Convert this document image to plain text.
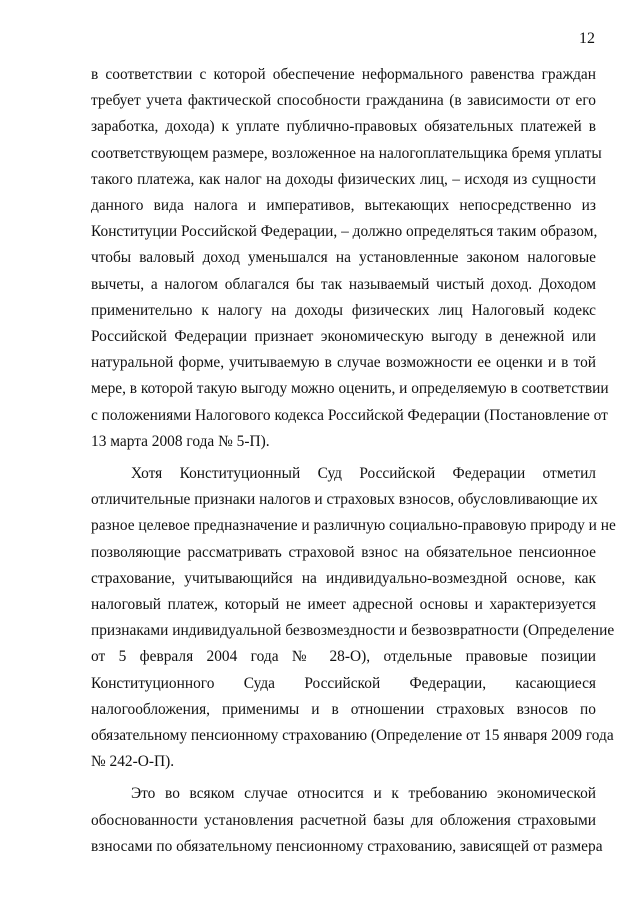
12

в соответствии с которой обеспечение неформального равенства граждан
требует учета фактической способности гражданина (в зависимости от его
заработка, дохода) к уплате публично-правовых обязательных платежей в
соответствующем размере, возложенное на налогоплательщика бремя уплаты
такого платежа, как налог на доходы физических лиц, – исходя из сущности
данного вида налога и императивов, вытекающих непосредственно из
Конституции Российской Федерации, – должно определяться таким образом,
чтобы валовый доход уменьшался на установленные законом налоговые
вычеты, а налогом облагался бы так называемый чистый доход. Доходом
применительно к налогу на доходы физических лиц Налоговый кодекс
Российской Федерации признает экономическую выгоду в денежной или
натуральной форме, учитываемую в случае возможности ее оценки и в той
мере, в которой такую выгоду можно оценить, и определяемую в соответствии
с положениями Налогового кодекса Российской Федерации (Постановление от
13 марта 2008 года № 5-П).

Хотя Конституционный Суд Российской Федерации отметил
отличительные признаки налогов и страховых взносов, обусловливающие их
разное целевое предназначение и различную социально-правовую природу и не
позволяющие рассматривать страховой взнос на обязательное пенсионное
страхование, учитывающийся на индивидуально-возмездной основе, как
налоговый платеж, который не имеет адресной основы и характеризуется
признаками индивидуальной безвозмездности и безвозвратности (Определение
от 5 февраля 2004 года № 28-О), отдельные правовые позиции
Конституционного Суда Российской Федерации, касающиеся
налогообложения, применимы и в отношении страховых взносов по
обязательному пенсионному страхованию (Определение от 15 января 2009 года
№ 242-О-П).

Это во всяком случае относится и к требованию экономической
обоснованности установления расчетной базы для обложения страховыми
взносами по обязательному пенсионному страхованию, зависящей от размера
